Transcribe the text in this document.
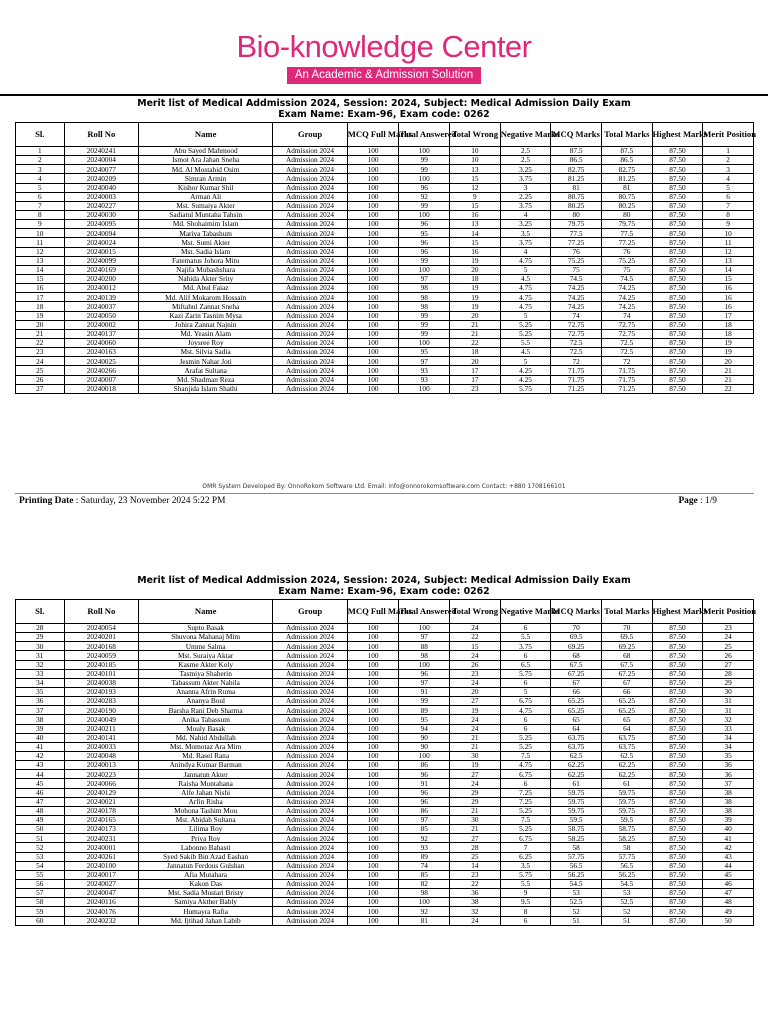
Bio-knowledge Center
An Academic & Admission Solution
Merit list of Medical Addmission 2024, Session: 2024, Subject: Medical Admission Daily Exam
Exam Name: Exam-96, Exam code: 0262
Sl.	Roll No	Name	Group	MCQ Full Marks	Total Answered	Total Wrong	Negative Marks	MCQ Marks	Total Marks	Highest Marks	Merit Position
1	20240241	Abu Sayed Mahmood	Admission 2024	100	100	10	2.5	87.5	87.5	87.50	1
2	20240004	Ismot Ara Jahan Sneha	Admission 2024	100	99	10	2.5	86.5	86.5	87.50	2
3	20240077	Md. Al Mostahid Osim	Admission 2024	100	99	13	3.25	82.75	82.75	87.50	3
4	20240209	Simran Armin	Admission 2024	100	100	15	3.75	81.25	81.25	87.50	4
5	20240040	Kishor Kumar Shil	Admission 2024	100	96	12	3	81	81	87.50	5
6	20240003	Arman Ali	Admission 2024	100	92	9	2.25	80.75	80.75	87.50	6
7	20240227	Mst. Sumaiya Akter	Admission 2024	100	99	15	3.75	80.25	80.25	87.50	7
8	20240030	Sadiatul Muntaha Tahsin	Admission 2024	100	100	16	4	80	80	87.50	8
9	20240095	Md. Shohaimim Islam	Admission 2024	100	96	13	3.25	79.75	79.75	87.50	9
10	20240094	Mariya Tabashum	Admission 2024	100	95	14	3.5	77.5	77.5	87.50	10
11	20240024	Mst. Sumi Akter	Admission 2024	100	96	15	3.75	77.25	77.25	87.50	11
12	20240015	Mst. Sadia Islam	Admission 2024	100	96	16	4	76	76	87.50	12
13	20240099	Fatematus Johora Mitu	Admission 2024	100	99	19	4.75	75.25	75.25	87.50	13
14	20240169	Najifa Mubashshara	Admission 2024	100	100	20	5	75	75	87.50	14
15	20240200	Nahida Akter Srity	Admission 2024	100	97	18	4.5	74.5	74.5	87.50	15
16	20240012	Md. Abul Faiaz	Admission 2024	100	98	19	4.75	74.25	74.25	87.50	16
17	20240139	Md. Alif Mokarom Hossain	Admission 2024	100	98	19	4.75	74.25	74.25	87.50	16
18	20240037	Miftahul Zannat Sneha	Admission 2024	100	98	19	4.75	74.25	74.25	87.50	16
19	20240050	Kazi Zarin Tasnim Mysa	Admission 2024	100	99	20	5	74	74	87.50	17
20	20240002	Johira Zannat Najnin	Admission 2024	100	99	21	5.25	72.75	72.75	87.50	18
21	20240137	Md. Yeasin Alam	Admission 2024	100	99	21	5.25	72.75	72.75	87.50	18
22	20240060	Joysree Roy	Admission 2024	100	100	22	5.5	72.5	72.5	87.50	19
23	20240163	Mst. Silvia Sadia	Admission 2024	100	95	18	4.5	72.5	72.5	87.50	19
24	20240025	Jesmin Nahar Joti	Admission 2024	100	97	20	5	72	72	87.50	20
25	20240266	Arafat Sultana	Admission 2024	100	93	17	4.25	71.75	71.75	87.50	21
26	20240007	Md. Shadman Reza	Admission 2024	100	93	17	4.25	71.75	71.75	87.50	21
27	20240018	Shanjida Islam Shathi	Admission 2024	100	100	23	5.75	71.25	71.25	87.50	22
OMR System Developed By: OnnoRokom Software Ltd. Email: info@onnorokomsoftware.com Contact: +880 1708166101
Printing Date : Saturday, 23 November 2024 5:22 PM	Page : 1/9
Merit list of Medical Addmission 2024, Session: 2024, Subject: Medical Admission Daily Exam
Exam Name: Exam-96, Exam code: 0262
Sl.	Roll No	Name	Group	MCQ Full Marks	Total Answered	Total Wrong	Negative Marks	MCQ Marks	Total Marks	Highest Marks	Merit Position
28	20240054	Supto Basak	Admission 2024	100	100	24	6	70	70	87.50	23
29	20240201	Shuvona Mahanaj Mim	Admission 2024	100	97	22	5.5	69.5	69.5	87.50	24
30	20240168	Umme Salma	Admission 2024	100	88	15	3.75	69.25	69.25	87.50	25
31	20240059	Mst. Suraiya Aktar	Admission 2024	100	98	24	6	68	68	87.50	26
32	20240185	Kasme Akter Koly	Admission 2024	100	100	26	6.5	67.5	67.5	87.50	27
33	20240101	Tasmiya Shaherin	Admission 2024	100	96	23	5.75	67.25	67.25	87.50	28
34	20240038	Tabassum Akter Nabila	Admission 2024	100	97	24	6	67	67	87.50	29
35	20240193	Ananna Afrin Ruma	Admission 2024	100	91	20	5	66	66	87.50	30
36	20240283	Ananya Boul	Admission 2024	100	99	27	6.75	65.25	65.25	87.50	31
37	20240190	Barsha Rani Deb Sharma	Admission 2024	100	89	19	4.75	65.25	65.25	87.50	31
38	20240049	Anika Tabassum	Admission 2024	100	95	24	6	65	65	87.50	32
39	20240211	Mouly Basak	Admission 2024	100	94	24	6	64	64	87.50	33
40	20240141	Md. Nahid Abdullah	Admission 2024	100	90	21	5.25	63.75	63.75	87.50	34
41	20240033	Mst. Momotaz Ara Mim	Admission 2024	100	90	21	5.25	63.75	63.75	87.50	34
42	20240048	Md. Rasel Rana	Admission 2024	100	100	30	7.5	62.5	62.5	87.50	35
43	20240013	Anindya Kumar Barman	Admission 2024	100	86	19	4.75	62.25	62.25	87.50	36
44	20240223	Jannatun Akter	Admission 2024	100	96	27	6.75	62.25	62.25	87.50	36
45	20240066	Raisha Muntahana	Admission 2024	100	91	24	6	61	61	87.50	37
46	20240129	Alfe Jahan Nishi	Admission 2024	100	96	29	7.25	59.75	59.75	87.50	38
47	20240021	Arfin Risha	Admission 2024	100	96	29	7.25	59.75	59.75	87.50	38
48	20240178	Mohona Tashim Mou	Admission 2024	100	86	21	5.25	59.75	59.75	87.50	38
49	20240165	Mst. Abidah Sultana	Admission 2024	100	97	30	7.5	59.5	59.5	87.50	39
50	20240173	Lilima Roy	Admission 2024	100	85	21	5.25	58.75	58.75	87.50	40
51	20240231	Priya Roy	Admission 2024	100	92	27	6.75	58.25	58.25	87.50	41
52	20240001	Labonno Bahasti	Admission 2024	100	93	28	7	58	58	87.50	42
53	20240261	Syed Sakib Bin Azad Eashan	Admission 2024	100	89	25	6.25	57.75	57.75	87.50	43
54	20240100	Jannatun Ferdous Gulshan	Admission 2024	100	74	14	3.5	56.5	56.5	87.50	44
55	20240017	Afia Mutahara	Admission 2024	100	85	23	5.75	56.25	56.25	87.50	45
56	20240027	Kakon Das	Admission 2024	100	82	22	5.5	54.5	54.5	87.50	46
57	20240047	Mst. Sadia Mustari Bristy	Admission 2024	100	98	36	9	53	53	87.50	47
58	20240116	Samiya Akther Bably	Admission 2024	100	100	38	9.5	52.5	52.5	87.50	48
59	20240176	Humayra Rafia	Admission 2024	100	92	32	8	52	52	87.50	49
60	20240232	Md. Ijtihad Jahan Labib	Admission 2024	100	81	24	6	51	51	87.50	50
